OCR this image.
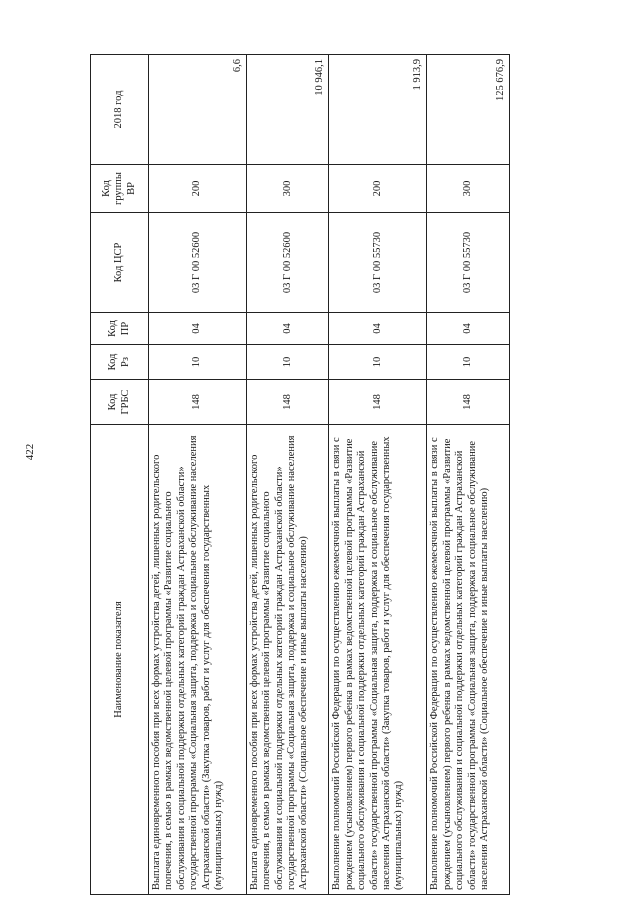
422
Наименование показателя	Код ГРБС	Код Рз	Код ПР	Код ЦСР	Код группы ВР	2018 год
Выплата единовременного пособия при всех формах устройства детей, лишенных родительского попечения, в семью в рамках ведомственной целевой программы «Развитие социального обслуживания и социальной поддержки отдельных категорий граждан Астраханской области» государственной программы «Социальная защита, поддержка и социальное обслуживание населения Астраханской области» (Закупка товаров, работ и услуг для обеспечения государственных (муниципальных) нужд)	148	10	04	03 Г 00 52600	200	6,6
Выплата единовременного пособия при всех формах устройства детей, лишенных родительского попечения, в семью в рамках ведомственной целевой программы «Развитие социального обслуживания и социальной поддержки отдельных категорий граждан Астраханской области» государственной программы «Социальная защита, поддержка и социальное обслуживание населения Астраханской области» (Социальное обеспечение и иные выплаты населению)	148	10	04	03 Г 00 52600	300	10 946,1
Выполнение полномочий Российской Федерации по осуществлению ежемесячной выплаты в связи с рождением (усыновлением) первого ребенка в рамках ведомственной целевой программы «Развитие социального обслуживания и социальной поддержки отдельных категорий граждан Астраханской области» государственной программы «Социальная защита, поддержка и социальное обслуживание населения Астраханской области» (Закупка товаров, работ и услуг для обеспечения государственных (муниципальных) нужд)	148	10	04	03 Г 00 55730	200	1 913,9
Выполнение полномочий Российской Федерации по осуществлению ежемесячной выплаты в связи с рождением (усыновлением) первого ребенка в рамках ведомственной целевой программы «Развитие социального обслуживания и социальной поддержки отдельных категорий граждан Астраханской области» государственной программы «Социальная защита, поддержка и социальное обслуживание населения Астраханской области» (Социальное обеспечение и иные выплаты населению)	148	10	04	03 Г 00 55730	300	125 676,9
